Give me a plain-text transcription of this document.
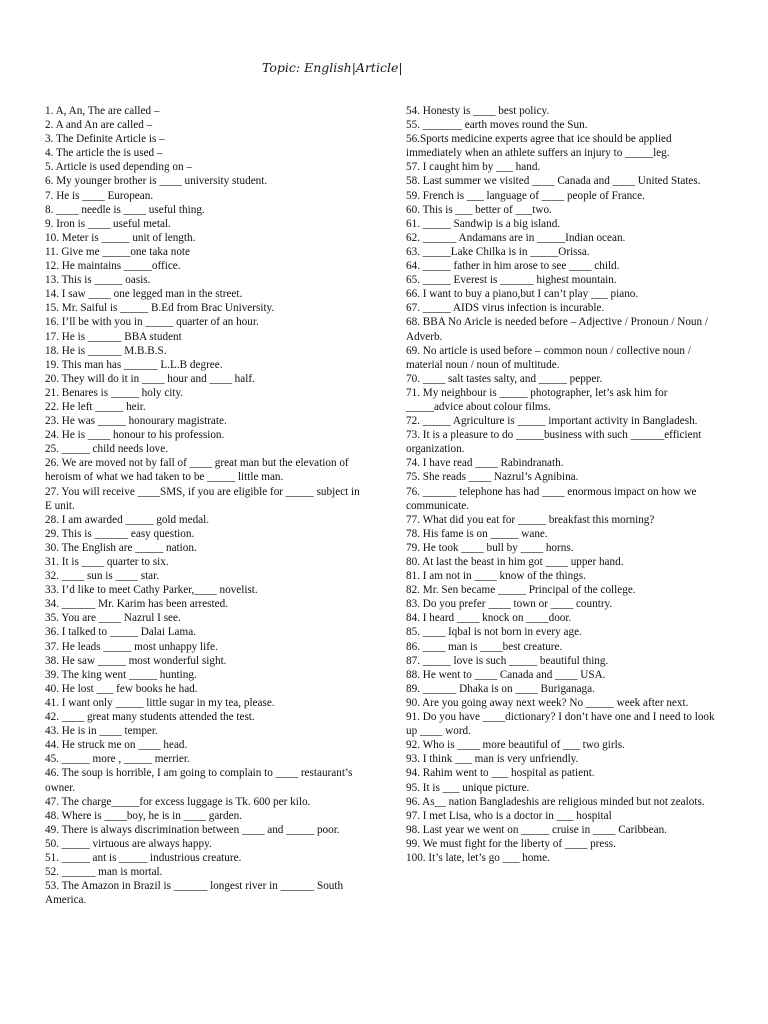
Topic: English|Article|
1. A, An, The are called –
2. A and An are called –
3. The Definite Article is –
4. The article the is used –
5. Article is used depending on –
6. My younger brother is ____ university student.
7. He is ____ European.
8. ____ needle is ____ useful thing.
9. Iron is ____ useful metal.
10. Meter is _____ unit of length.
11. Give me _____one taka note
12. He maintains _____office.
13. This is _____ oasis.
14. I saw ____ one legged man in the street.
15. Mr. Saiful is _____ B.Ed from Brac University.
16. I’ll be with you in _____ quarter of an hour.
17. He is ______ BBA student
18. He is ______ M.B.B.S.
19. This man has ______ L.L.B degree.
20. They will do it in ____ hour and ____ half.
21. Benares is _____ holy city.
22. He left _____ heir.
23. He was _____ honourary magistrate.
24. He is ____ honour to his profession.
25. _____ child needs love.
26. We are moved not by fall of ____ great man but the elevation of heroism of what we had taken to be _____ little man.
27. You will receive ____SMS, if you are eligible for _____ subject in E unit.
28. I am awarded _____ gold medal.
29. This is ______ easy question.
30. The English are _____ nation.
31. It is ____ quarter to six.
32. ____ sun is ____ star.
33. I’d like to meet Cathy Parker,____ novelist.
34. ______ Mr. Karim has been arrested.
35. You are ____ Nazrul I see.
36. I talked to _____ Dalai Lama.
37. He leads _____ most unhappy life.
38. He saw _____ most wonderful sight.
39. The king went _____ hunting.
40. He lost ___ few books he had.
41. I want only _____ little sugar in my tea, please.
42. ____ great many students attended the test.
43. He is in ____ temper.
44. He struck me on ____ head.
45. _____ more , _____ merrier.
46. The soup is horrible, I am going to complain to ____ restaurant’s owner.
47. The charge_____for excess luggage is Tk. 600 per kilo.
48. Where is ____boy, he is in ____ garden.
49. There is always discrimination between ____ and _____ poor.
50. _____ virtuous are always happy.
51. _____ ant is _____ industrious creature.
52. ______ man is mortal.
53. The Amazon in Brazil is ______ longest river in ______ South America.
54. Honesty is ____ best policy.
55. _______ earth moves round the Sun.
56.Sports medicine experts agree that ice should be applied immediately when an athlete suffers an injury to _____leg.
57. I caught him by ___ hand.
58. Last summer we visited ____ Canada and ____ United States.
59. French is ___ language of ____ people of France.
60. This is ___ better of ___two.
61. _____ Sandwip is a big island.
62. ______ Andamans are in _____Indian ocean.
63. _____Lake Chilka is in _____Orissa.
64. _____ father in him arose to see ____ child.
65. _____ Everest is ______ highest mountain.
66. I want to buy a piano,but I can’t play ___ piano.
67. _____ AIDS virus infection is incurable.
68. BBA No Aricle is needed before – Adjective / Pronoun / Noun / Adverb.
69. No article is used before – common noun / collective noun / material noun / noun of multitude.
70. ____ salt tastes salty, and _____ pepper.
71. My neighbour is _____ photographer, let’s ask him for _____advice about colour films.
72. _____ Agriculture is _____ important activity in Bangladesh.
73. It is a pleasure to do _____business with such ______efficient organization.
74. I have read ____ Rabindranath.
75. She reads ____ Nazrul’s Agnibina.
76. ______ telephone has had ____ enormous impact on how we communicate.
77. What did you eat for _____ breakfast this morning?
78. His fame is on _____ wane.
79. He took ____ bull by ____ horns.
80. At last the beast in him got ____ upper hand.
81. I am not in ____ know of the things.
82. Mr. Sen became _____ Principal of the college.
83. Do you prefer ____ town or ____ country.
84. I heard ____ knock on ____door.
85. ____ Iqbal is not born in every age.
86. ____ man is ____best creature.
87. _____ love is such _____ beautiful thing.
88. He went to ____ Canada and ____ USA.
89. ______ Dhaka is on ____ Buriganaga.
90. Are you going away next week? No _____ week after next.
91. Do you have ____dictionary? I don’t have one and I need to look up ____ word.
92. Who is ____ more beautiful of ___ two girls.
93. I think ___ man is very unfriendly.
94. Rahim went to ___ hospital as patient.
95. It is ___ unique picture.
96. As__ nation Bangladeshis are religious minded but not zealots.
97. I met Lisa, who is a doctor in ___ hospital
98. Last year we went on _____ cruise in ____ Caribbean.
99. We must fight for the liberty of ____ press.
100. It’s late, let’s go ___ home.
